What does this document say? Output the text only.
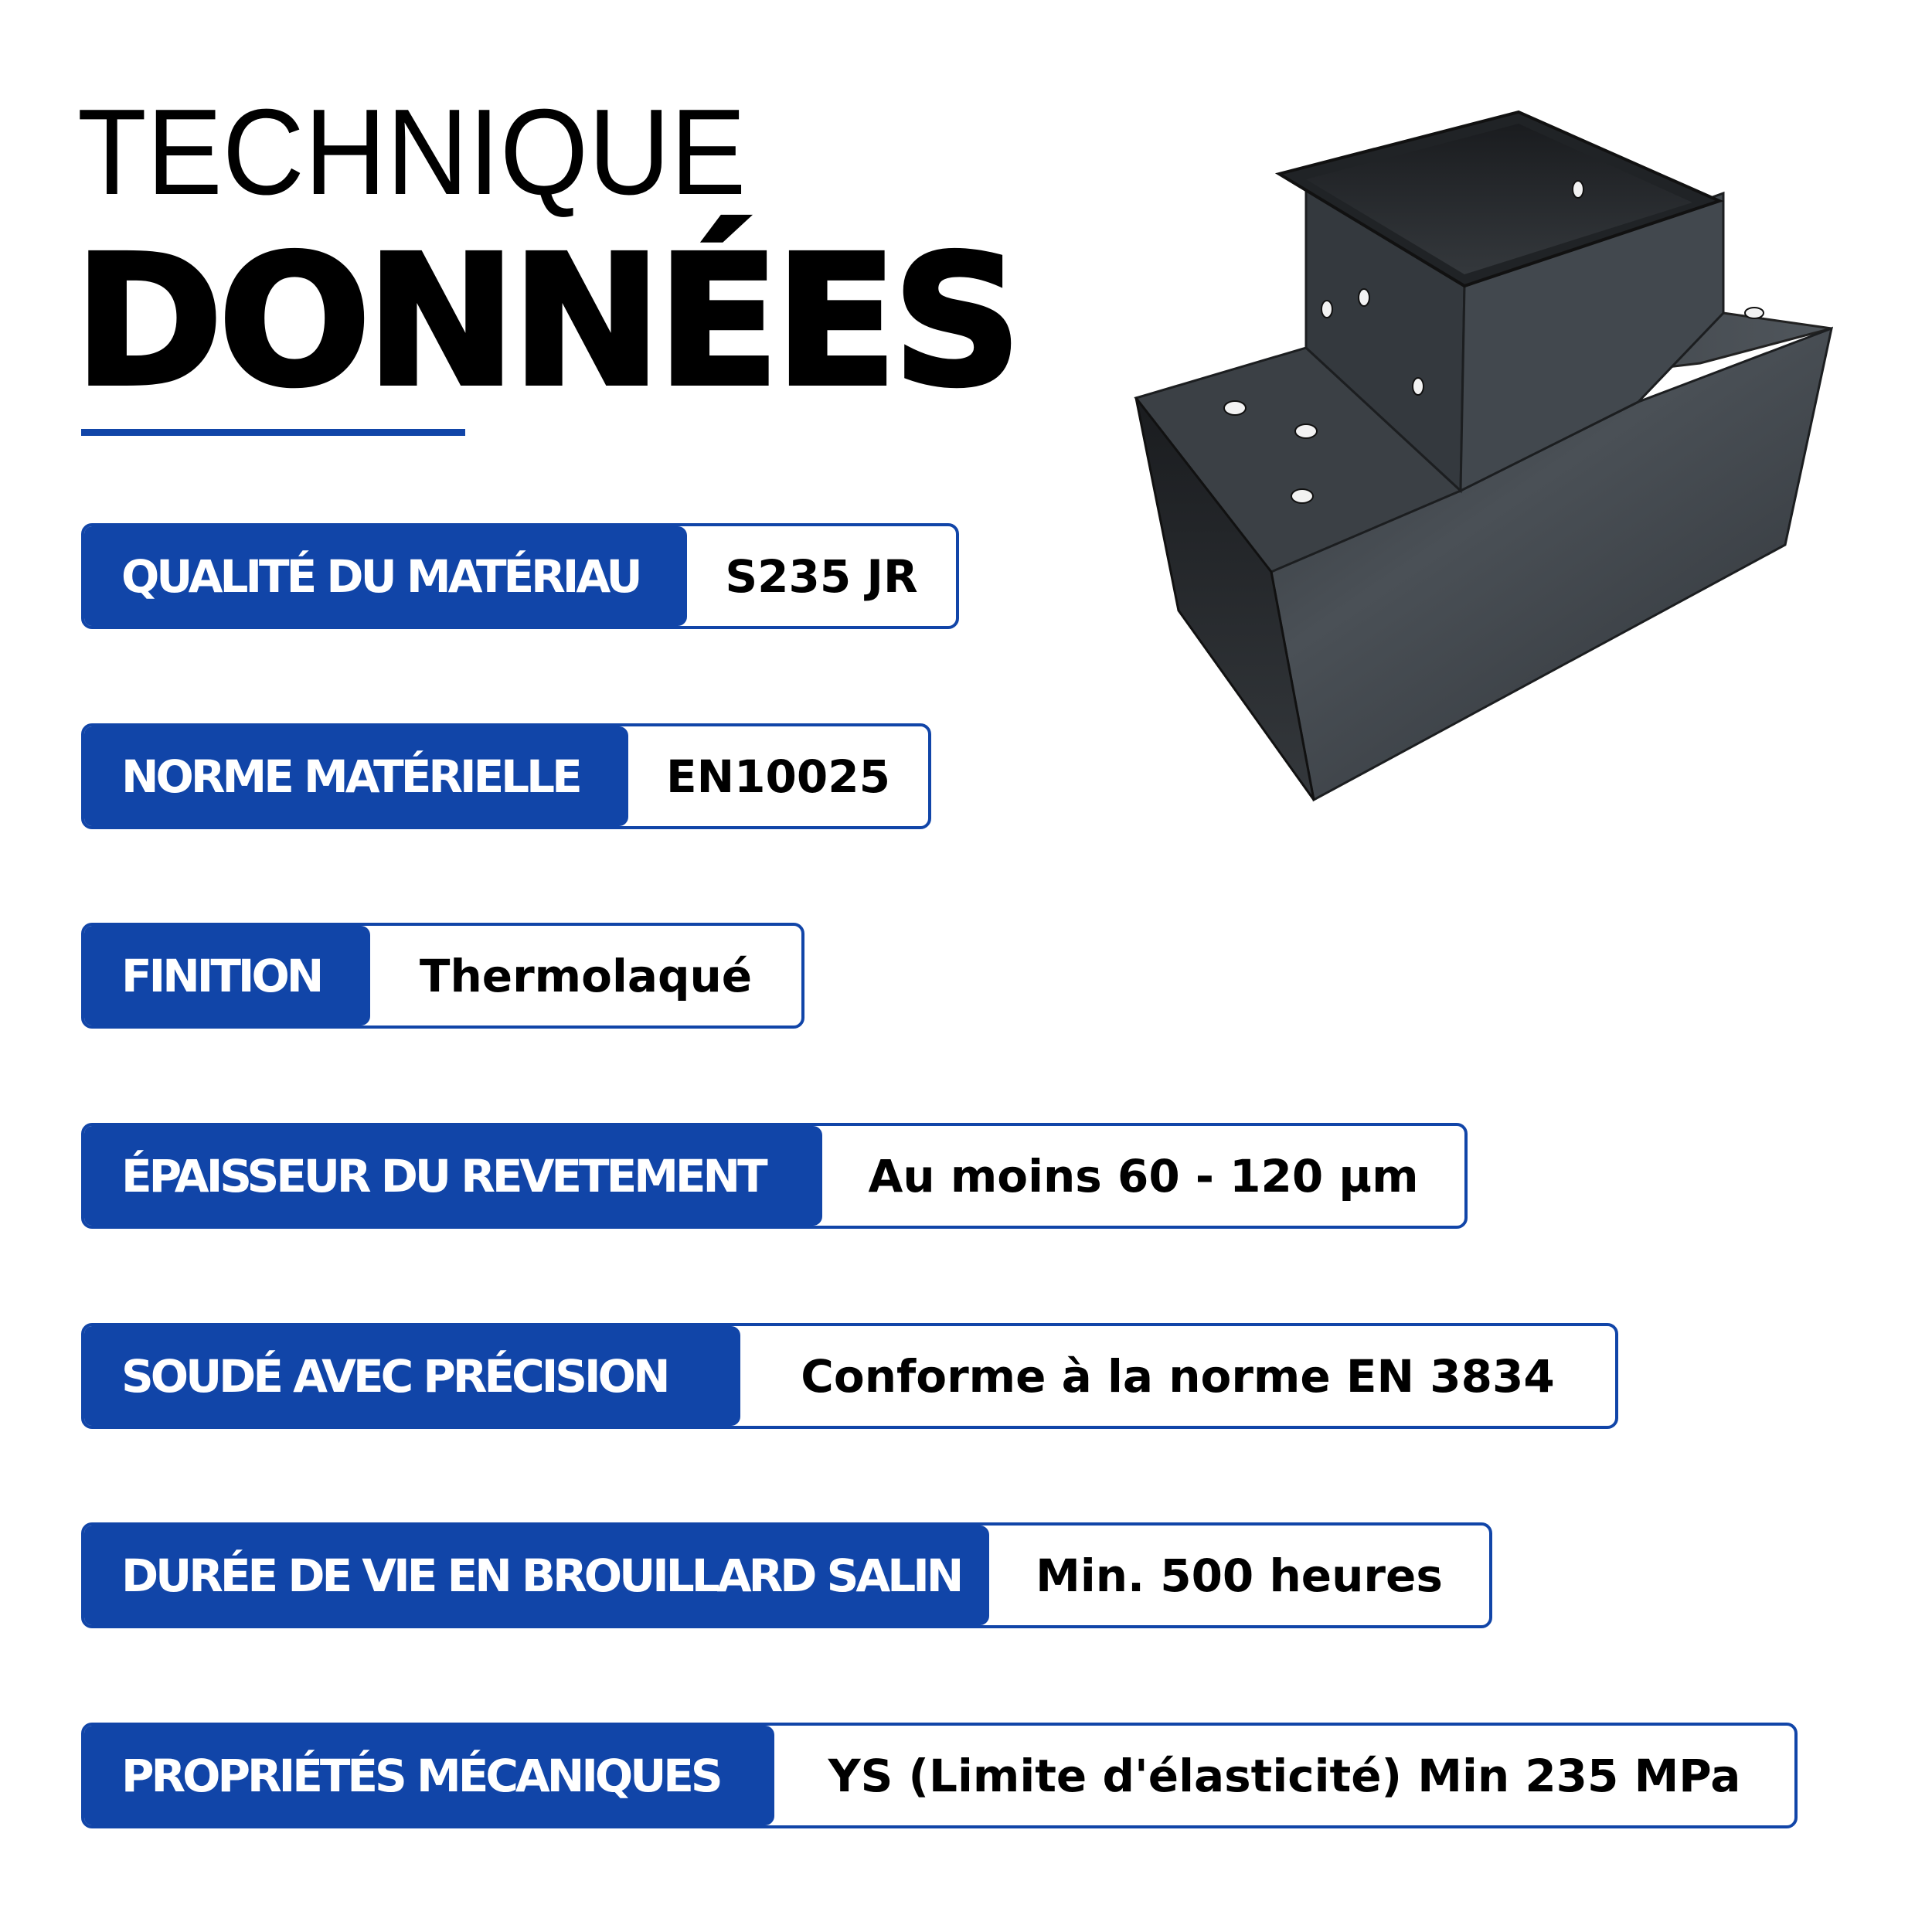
TECHNIQUE
DONNÉES
QUALITÉ DU MATÉRIAU	S235 JR
NORME MATÉRIELLE	EN10025
FINITION	Thermolaqué
ÉPAISSEUR DU REVETEMENT	Au moins 60 - 120 µm
SOUDÉ AVEC PRÉCISION	Conforme à la norme EN 3834
DURÉE DE VIE EN BROUILLARD SALIN	Min. 500 heures
PROPRIÉTÉS MÉCANIQUES	YS (Limite d'élasticité) Min 235 MPa
